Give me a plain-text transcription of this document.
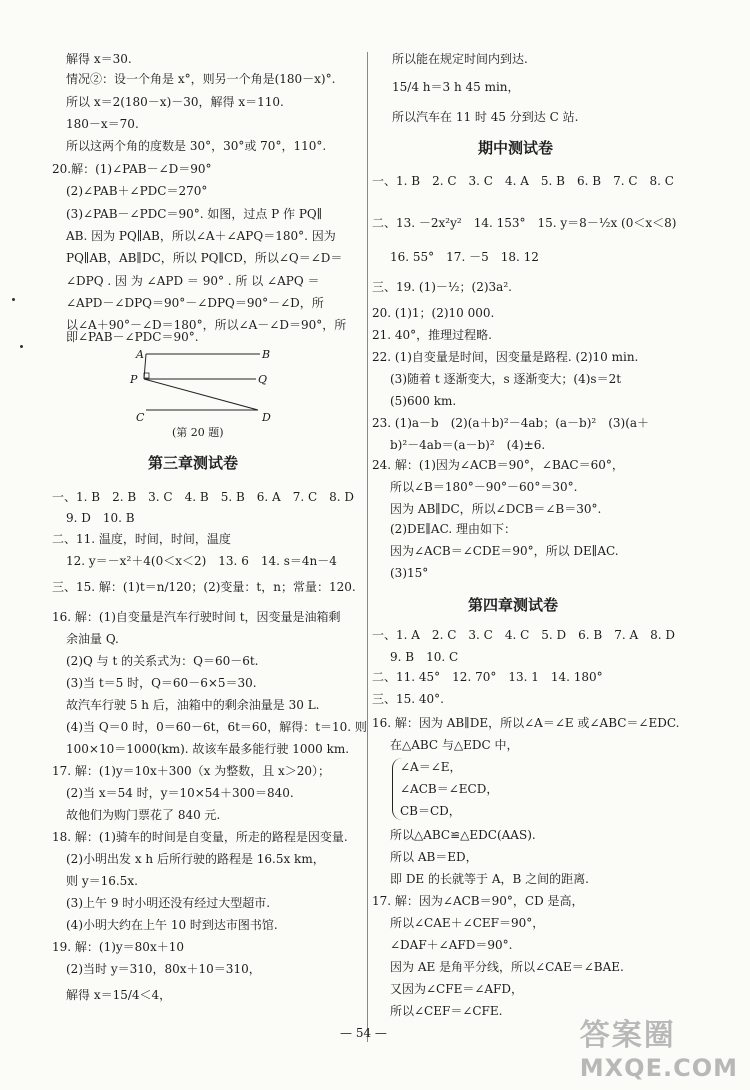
解得 x＝30.
情况②：设一个角是 x°，则另一个角是(180－x)°.
所以 x＝2(180－x)－30，解得 x＝110.
180－x＝70.
所以这两个角的度数是 30°，30°或 70°，110°.
20.解：(1)∠PAB－∠D＝90°
(2)∠PAB＋∠PDC＝270°
(3)∠PAB－∠PDC＝90°. 如图，过点 P 作 PQ∥
AB. 因为 PQ∥AB，所以∠A＋∠APQ＝180°. 因为
PQ∥AB，AB∥DC，所以 PQ∥CD，所以∠Q＝∠D＝
∠DPQ . 因 为 ∠APD ＝ 90° . 所 以 ∠APQ ＝
∠APD－∠DPQ＝90°－∠DPQ＝90°－∠D，所
以∠A＋90°－∠D＝180°，所以∠A－∠D＝90°，所
即∠PAB－∠PDC＝90°.
A	B
P	Q
C	D
(第 20 题)
第三章测试卷
一、1. B　2. B　3. C　4. B　5. B　6. A　7. C　8. D
9. D　10. B
二、11. 温度，时间，时间，温度
12. y＝－x²＋4(0＜x＜2)　13. 6　14. s＝4n－4
三、15. 解：(1)t＝n/120；(2)变量：t，n；常量：120.
16. 解：(1)自变量是汽车行驶时间 t，因变量是油箱剩
余油量 Q.
(2)Q 与 t 的关系式为：Q＝60－6t.
(3)当 t＝5 时，Q＝60－6×5＝30.
故汽车行驶 5 h 后，油箱中的剩余油量是 30 L.
(4)当 Q＝0 时，0＝60－6t，6t＝60，解得：t＝10. 则
100×10＝1000(km). 故该车最多能行驶 1000 km.
17. 解：(1)y＝10x＋300（x 为整数，且 x＞20）；
(2)当 x＝54 时，y＝10×54＋300＝840.
故他们为购门票花了 840 元.
18. 解：(1)骑车的时间是自变量，所走的路程是因变量.
(2)小明出发 x h 后所行驶的路程是 16.5x km，
则 y＝16.5x.
(3)上午 9 时小明还没有经过大型超市.
(4)小明大约在上午 10 时到达市图书馆.
19. 解：(1)y＝80x＋10
(2)当时 y＝310，80x＋10＝310，
解得 x＝15/4＜4，
所以能在规定时间内到达.
15/4 h＝3 h 45 min，
所以汽车在 11 时 45 分到达 C 站.
期中测试卷
一、1. B　2. C　3. C　4. A　5. B　6. B　7. C　8. C
二、13. －2x²y²　14. 153°　15. y＝8－½x (0＜x＜8)
16. 55°　17. －5　18. 12
三、19. (1)－½；(2)3a².
20. (1)1；(2)10 000.
21. 40°，推理过程略.
22. (1)自变量是时间，因变量是路程. (2)10 min.
(3)随着 t 逐渐变大，s 逐渐变大；(4)s＝2t
(5)600 km.
23. (1)a－b　(2)(a＋b)²－4ab；(a－b)²　(3)(a＋
b)²－4ab＝(a－b)²　(4)±6.
24. 解：(1)因为∠ACB＝90°，∠BAC＝60°，
所以∠B＝180°－90°－60°＝30°.
因为 AB∥DC，所以∠DCB＝∠B＝30°.
(2)DE∥AC. 理由如下：
因为∠ACB＝∠CDE＝90°，所以 DE∥AC.
(3)15°
第四章测试卷
一、1. A　2. C　3. C　4. C　5. D　6. B　7. A　8. D
9. B　10. C
二、11. 45°　12. 70°　13. 1　14. 180°
三、15. 40°.
16. 解：因为 AB∥DE，所以∠A＝∠E 或∠ABC＝∠EDC.
在△ABC 与△EDC 中，
∠A＝∠E，
∠ACB＝∠ECD，
CB＝CD，
所以△ABC≌△EDC(AAS).
所以 AB＝ED，
即 DE 的长就等于 A，B 之间的距离.
17. 解：因为∠ACB＝90°，CD 是高，
所以∠CAE＋∠CEF＝90°，
∠DAF＋∠AFD＝90°.
因为 AE 是角平分线，所以∠CAE＝∠BAE.
又因为∠CFE＝∠AFD，
所以∠CEF＝∠CFE.
— 54 —	答案圈
MXQE.COM
